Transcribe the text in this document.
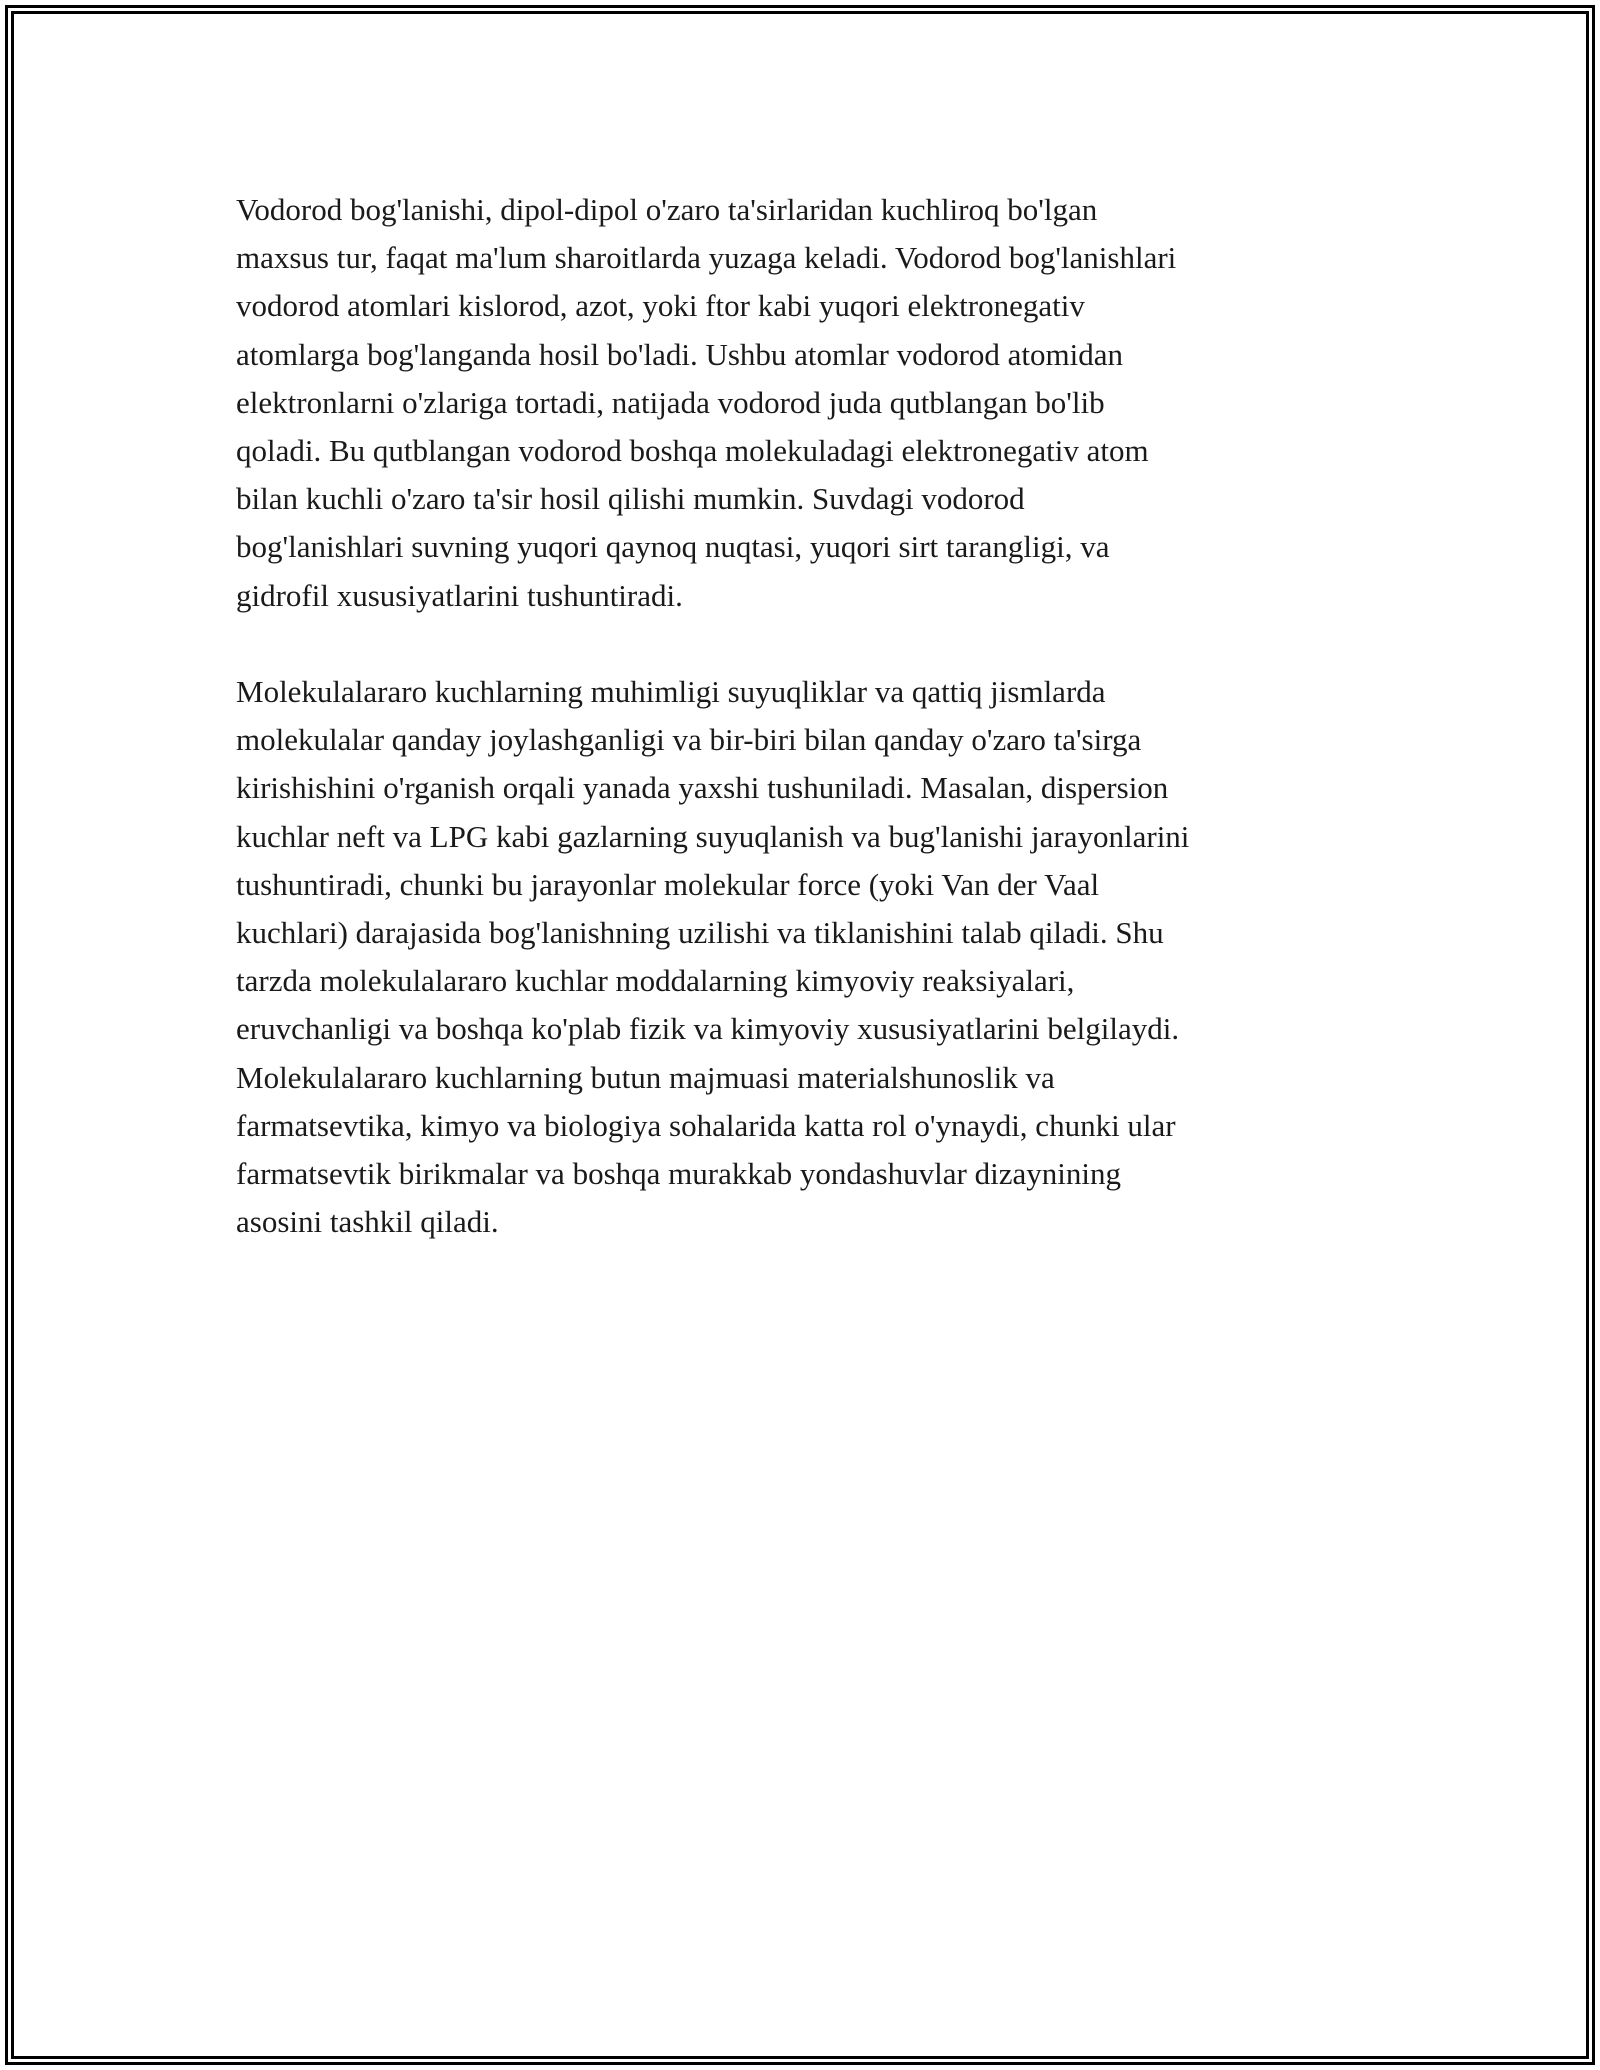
Vodorod bog'lanishi, dipol-dipol o'zaro ta'sirlaridan kuchliroq bo'lgan
maxsus tur, faqat ma'lum sharoitlarda yuzaga keladi. Vodorod bog'lanishlari
vodorod atomlari kislorod, azot, yoki ftor kabi yuqori elektronegativ
atomlarga bog'langanda hosil bo'ladi. Ushbu atomlar vodorod atomidan
elektronlarni o'zlariga tortadi, natijada vodorod juda qutblangan bo'lib
qoladi. Bu qutblangan vodorod boshqa molekuladagi elektronegativ atom
bilan kuchli o'zaro ta'sir hosil qilishi mumkin. Suvdagi vodorod
bog'lanishlari suvning yuqori qaynoq nuqtasi, yuqori sirt tarangligi, va
gidrofil xususiyatlarini tushuntiradi.

Molekulalararo kuchlarning muhimligi suyuqliklar va qattiq jismlarda
molekulalar qanday joylashganligi va bir-biri bilan qanday o'zaro ta'sirga
kirishishini o'rganish orqali yanada yaxshi tushuniladi. Masalan, dispersion
kuchlar neft va LPG kabi gazlarning suyuqlanish va bug'lanishi jarayonlarini
tushuntiradi, chunki bu jarayonlar molekular force (yoki Van der Vaal
kuchlari) darajasida bog'lanishning uzilishi va tiklanishini talab qiladi. Shu
tarzda molekulalararo kuchlar moddalarning kimyoviy reaksiyalari,
eruvchanligi va boshqa ko'plab fizik va kimyoviy xususiyatlarini belgilaydi.
Molekulalararo kuchlarning butun majmuasi materialshunoslik va
farmatsevtika, kimyo va biologiya sohalarida katta rol o'ynaydi, chunki ular
farmatsevtik birikmalar va boshqa murakkab yondashuvlar dizaynining
asosini tashkil qiladi.
